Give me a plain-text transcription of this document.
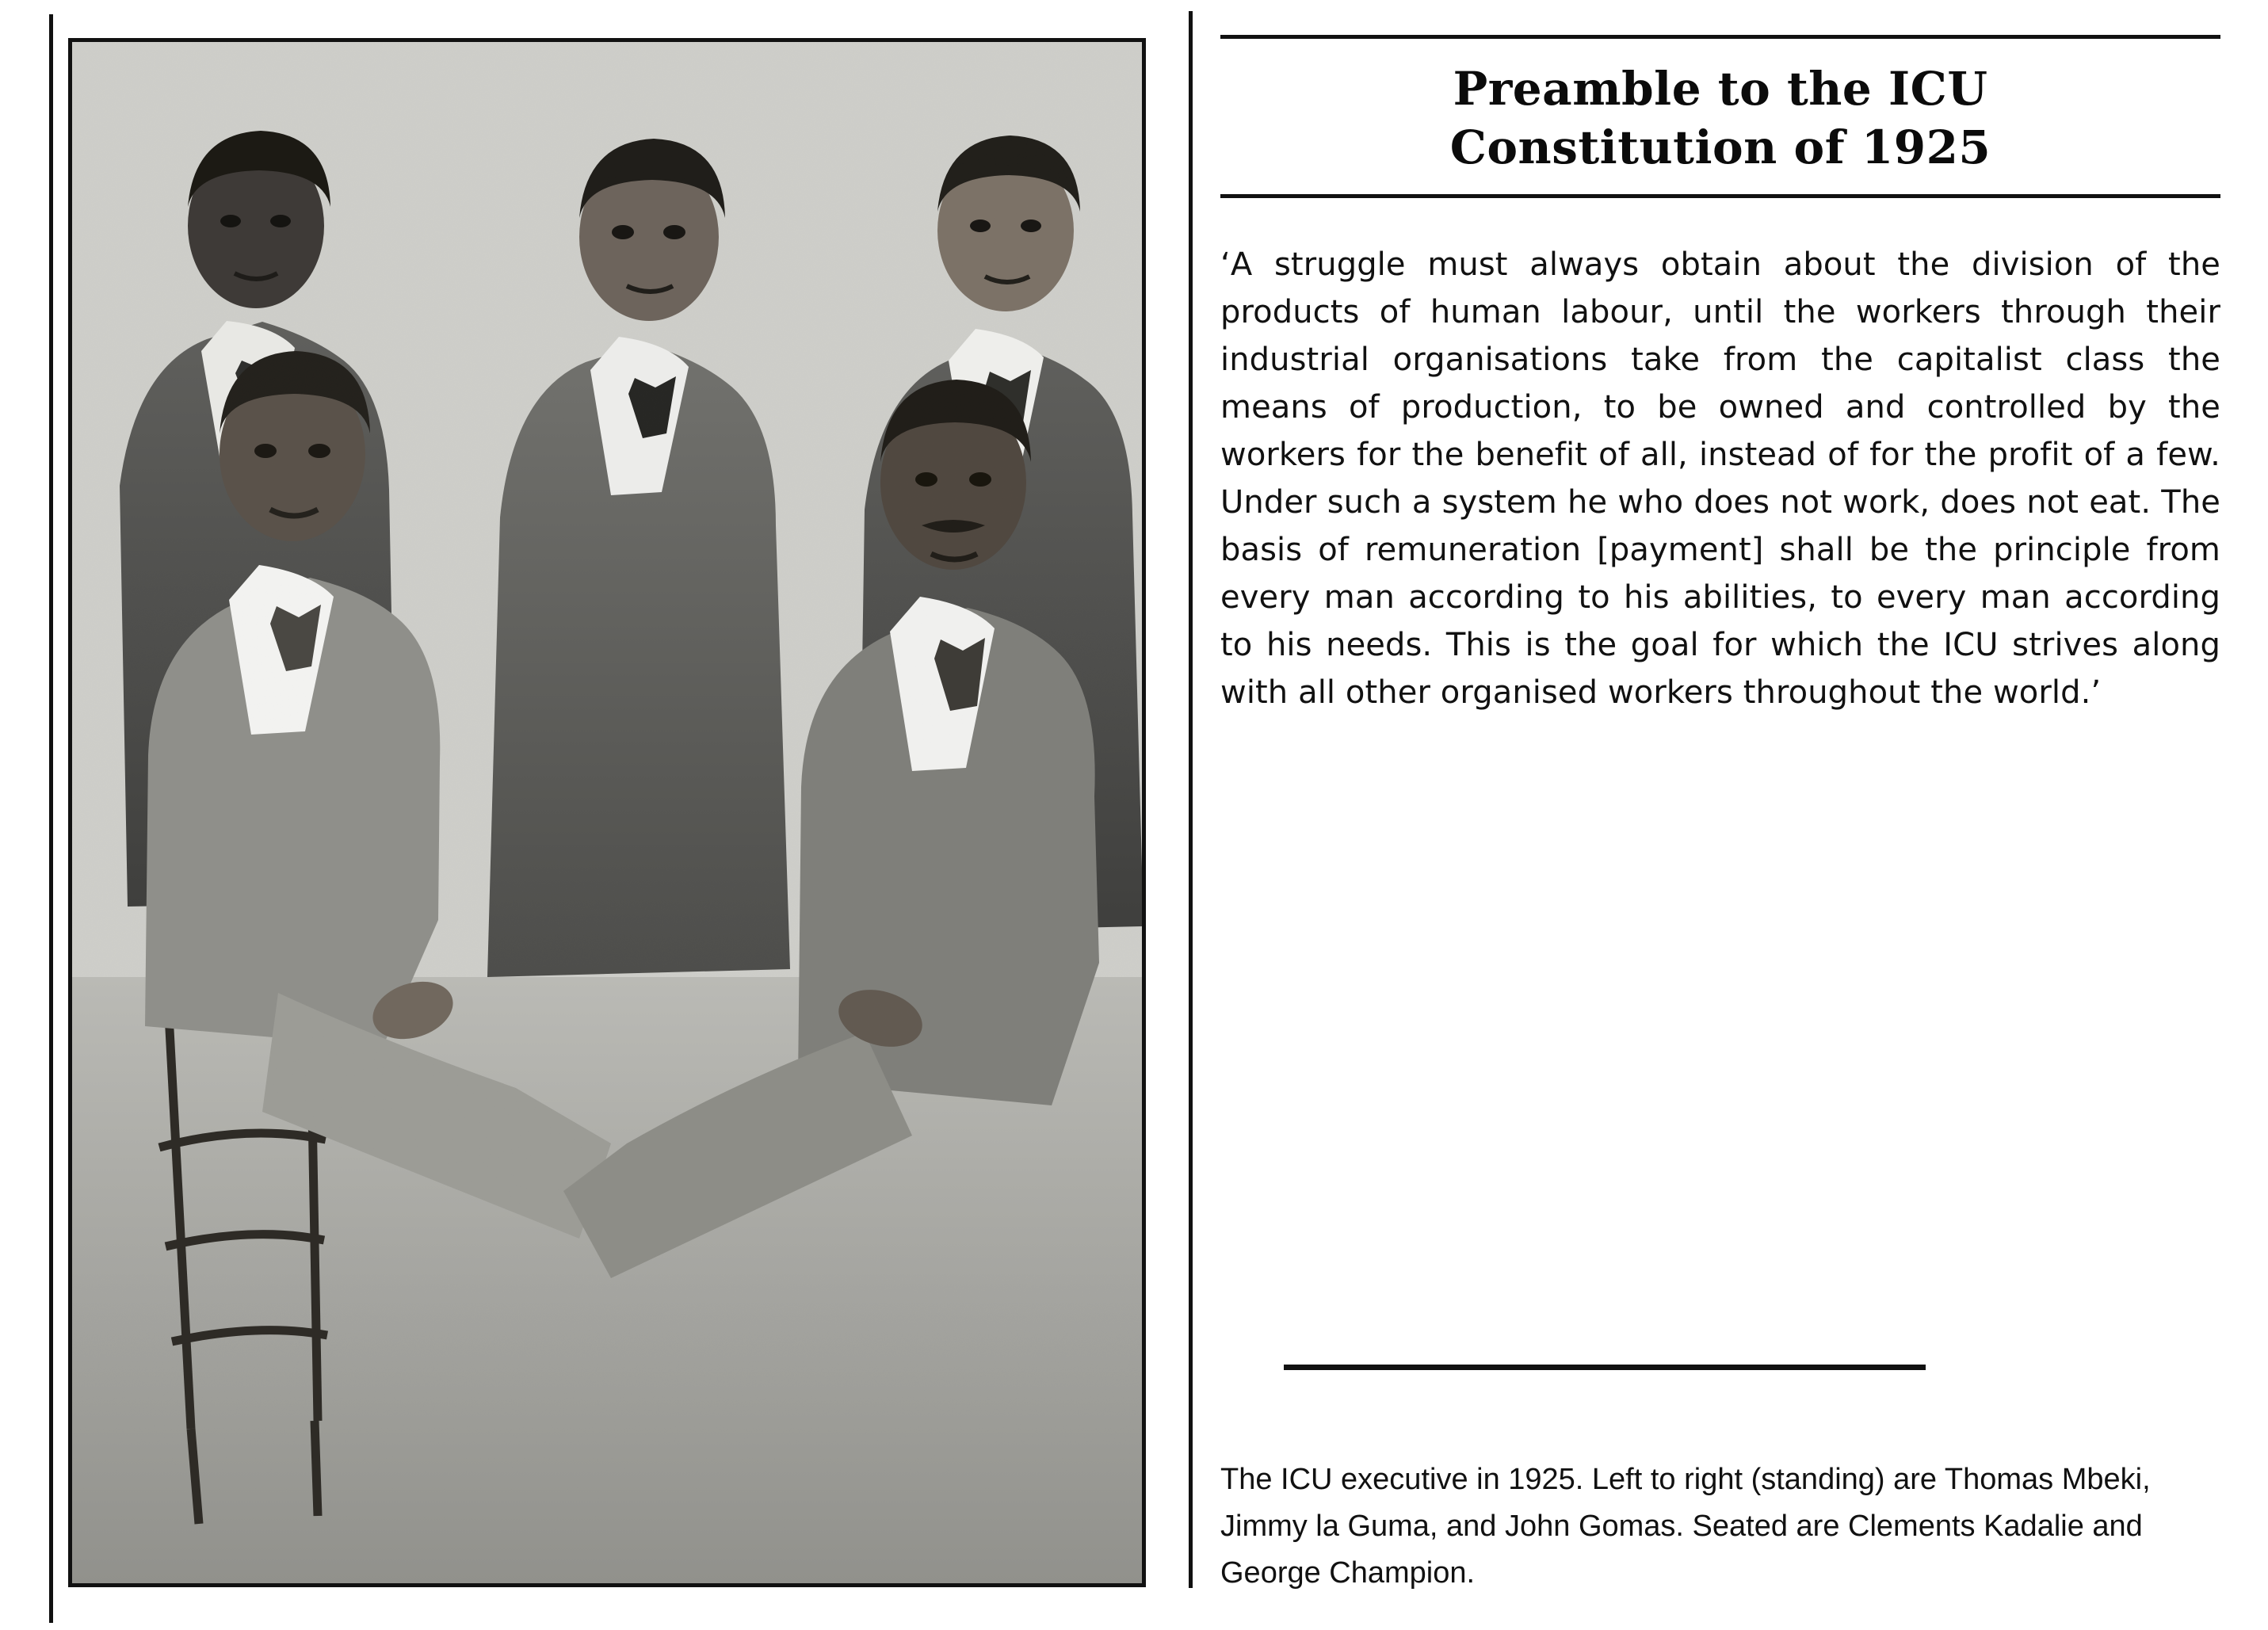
Preamble to the ICU
Constitution of 1925

‘A struggle must always obtain about the division of the products of human labour, until the workers through their industrial organisations take from the capitalist class the means of production, to be owned and controlled by the workers for the benefit of all, instead of for the profit of a few. Under such a system he who does not work, does not eat. The basis of remuneration [payment] shall be the principle from every man according to his abilities, to every man according to his needs. This is the goal for which the ICU strives along with all other organised workers throughout the world.’

The ICU executive in 1925. Left to right (standing) are Thomas Mbeki, Jimmy la Guma, and John Gomas. Seated are Clements Kadalie and George Champion.
